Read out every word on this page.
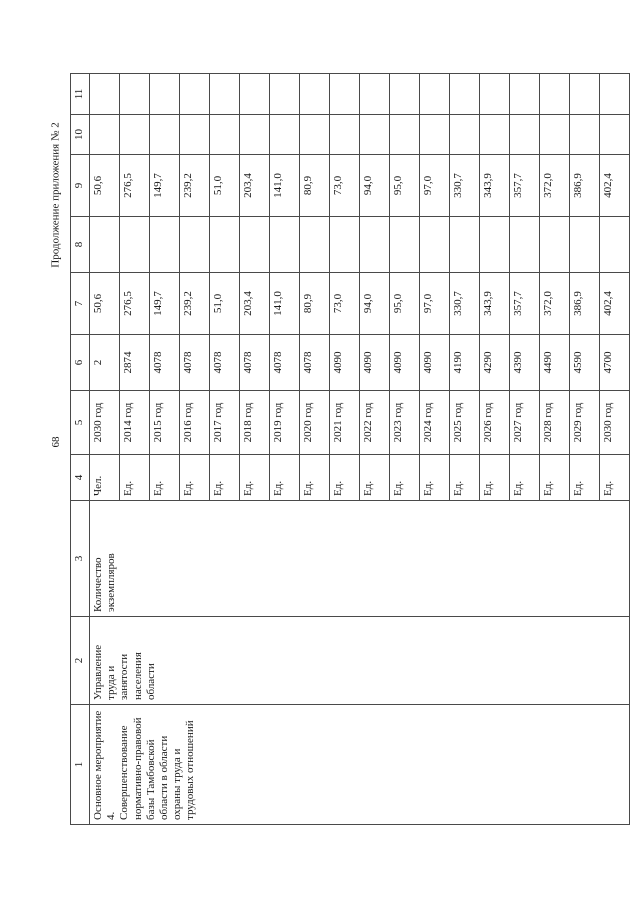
68
Продолжение приложения № 2
1	2	3	4	5	6	7	8	9	10	11
Основное мероприятие 4.
Совершенствование нормативно-правовой базы Тамбовской области в области охраны труда и трудовых отношений	Управление труда и занятости населения области	Количество экземпляров	Чел.	2030 год	2	50,6		50,6		
			Ед.	2014 год	2874	276,5		276,5		
			Ед.	2015 год	4078	149,7		149,7		
			Ед.	2016 год	4078	239,2		239,2		
			Ед.	2017 год	4078	51,0		51,0		
			Ед.	2018 год	4078	203,4		203,4		
			Ед.	2019 год	4078	141,0		141,0		
			Ед.	2020 год	4078	80,9		80,9		
			Ед.	2021 год	4090	73,0		73,0		
			Ед.	2022 год	4090	94,0		94,0		
			Ед.	2023 год	4090	95,0		95,0		
			Ед.	2024 год	4090	97,0		97,0		
			Ед.	2025 год	4190	330,7		330,7		
			Ед.	2026 год	4290	343,9		343,9		
			Ед.	2027 год	4390	357,7		357,7		
			Ед.	2028 год	4490	372,0		372,0		
			Ед.	2029 год	4590	386,9		386,9		
			Ед.	2030 год	4700	402,4		402,4		
